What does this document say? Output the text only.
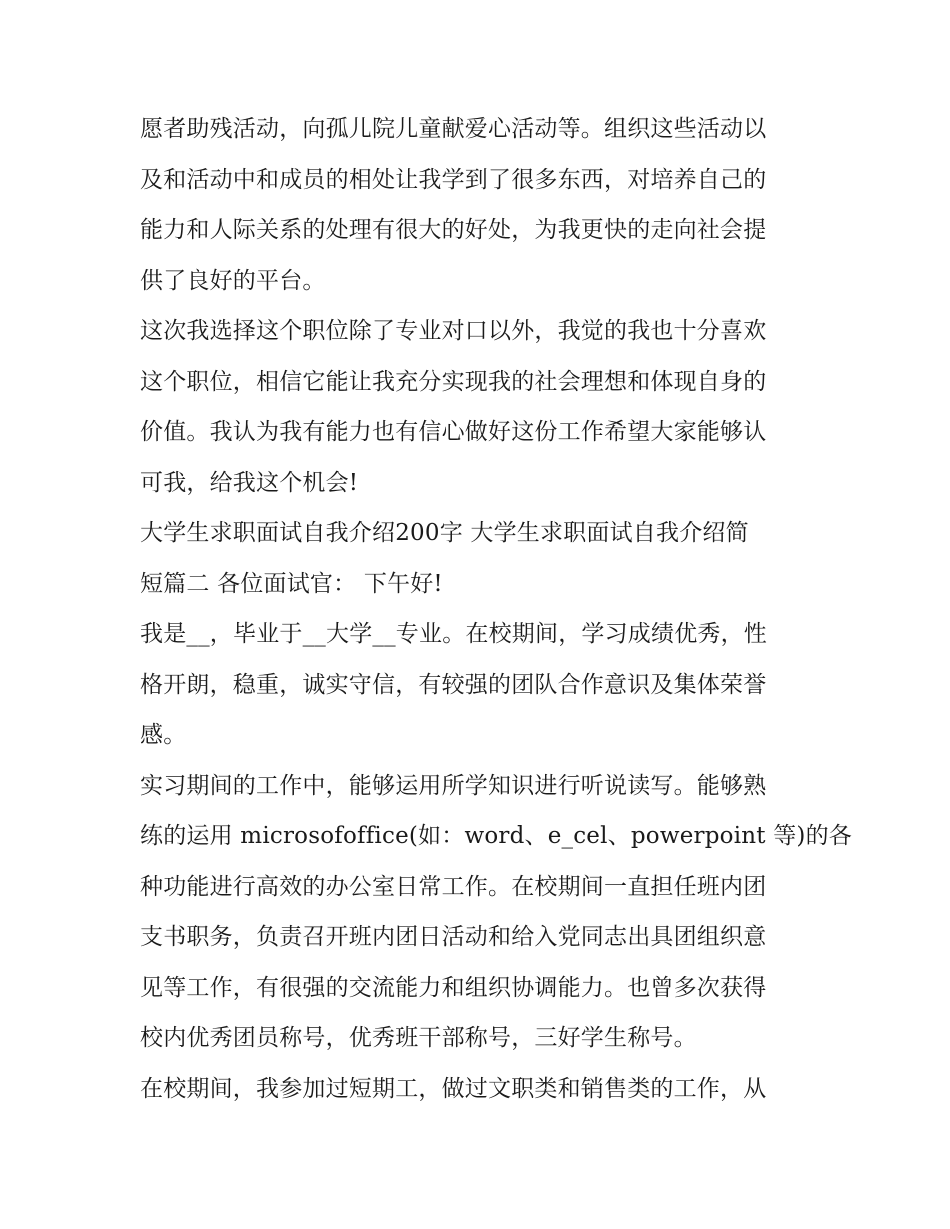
愿者助残活动，向孤儿院儿童献爱心活动等。组织这些活动以
及和活动中和成员的相处让我学到了很多东西，对培养自己的
能力和人际关系的处理有很大的好处，为我更快的走向社会提
供了良好的平台。
这次我选择这个职位除了专业对口以外，我觉的我也十分喜欢
这个职位，相信它能让我充分实现我的社会理想和体现自身的
价值。我认为我有能力也有信心做好这份工作希望大家能够认
可我，给我这个机会!
大学生求职面试自我介绍200字 大学生求职面试自我介绍简
短篇二 各位面试官： 下午好!
我是__，毕业于__大学__专业。在校期间，学习成绩优秀，性
格开朗，稳重，诚实守信，有较强的团队合作意识及集体荣誉
感。
实习期间的工作中，能够运用所学知识进行听说读写。能够熟
练的运用 microsofoffice(如：word、e_cel、powerpoint 等)的各
种功能进行高效的办公室日常工作。在校期间一直担任班内团
支书职务，负责召开班内团日活动和给入党同志出具团组织意
见等工作，有很强的交流能力和组织协调能力。也曾多次获得
校内优秀团员称号，优秀班干部称号，三好学生称号。
在校期间，我参加过短期工，做过文职类和销售类的工作，从
